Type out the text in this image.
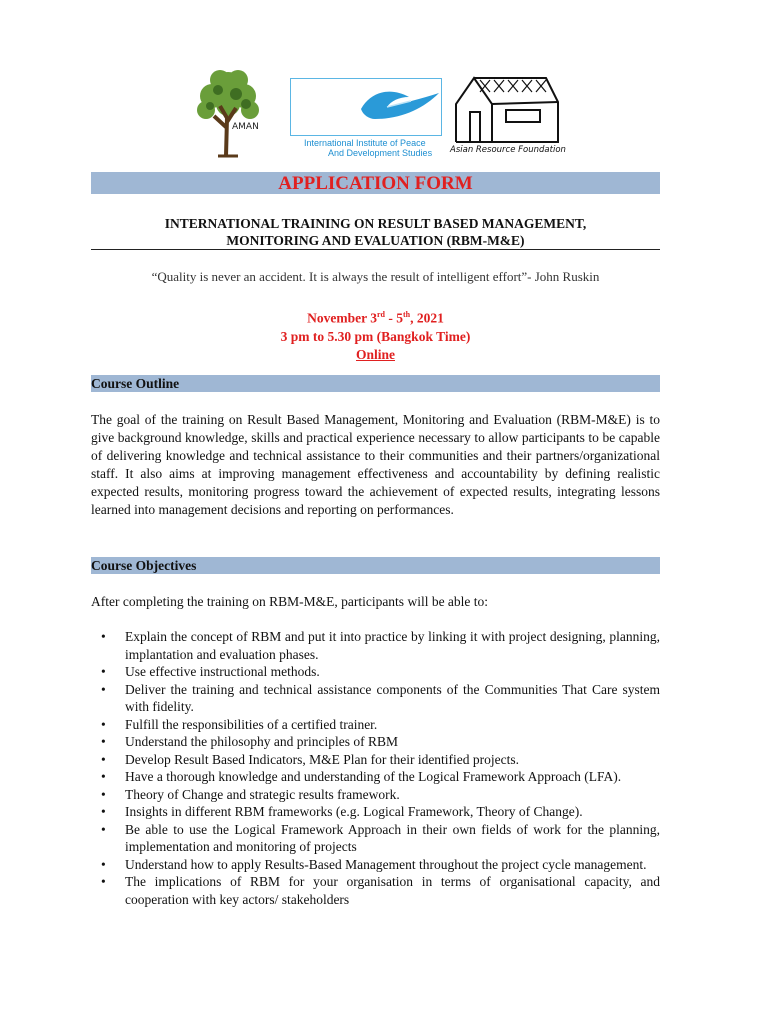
AMAN
International Institute of Peace
And Development Studies Asian Resource Foundation
APPLICATION FORM
INTERNATIONAL TRAINING ON RESULT BASED MANAGEMENT,
MONITORING AND EVALUATION (RBM-M&E)
“Quality is never an accident. It is always the result of intelligent effort”- John Ruskin
November 3rd - 5th, 2021
3 pm to 5.30 pm (Bangkok Time)
Online
Course Outline
The goal of the training on Result Based Management, Monitoring and Evaluation (RBM-M&E) is to give background knowledge, skills and practical experience necessary to allow participants to be capable of delivering knowledge and technical assistance to their communities and their partners/organizational staff. It also aims at improving management effectiveness and accountability by defining realistic expected results, monitoring progress toward the achievement of expected results, integrating lessons learned into management decisions and reporting on performances.
Course Objectives
After completing the training on RBM-M&E, participants will be able to:
• Explain the concept of RBM and put it into practice by linking it with project designing, planning, implantation and evaluation phases.
• Use effective instructional methods.
• Deliver the training and technical assistance components of the Communities That Care system with fidelity.
• Fulfill the responsibilities of a certified trainer.
• Understand the philosophy and principles of RBM
• Develop Result Based Indicators, M&E Plan for their identified projects.
• Have a thorough knowledge and understanding of the Logical Framework Approach (LFA).
• Theory of Change and strategic results framework.
• Insights in different RBM frameworks (e.g. Logical Framework, Theory of Change).
• Be able to use the Logical Framework Approach in their own fields of work for the planning, implementation and monitoring of projects
• Understand how to apply Results-Based Management throughout the project cycle management.
• The implications of RBM for your organisation in terms of organisational capacity, and cooperation with key actors/ stakeholders
